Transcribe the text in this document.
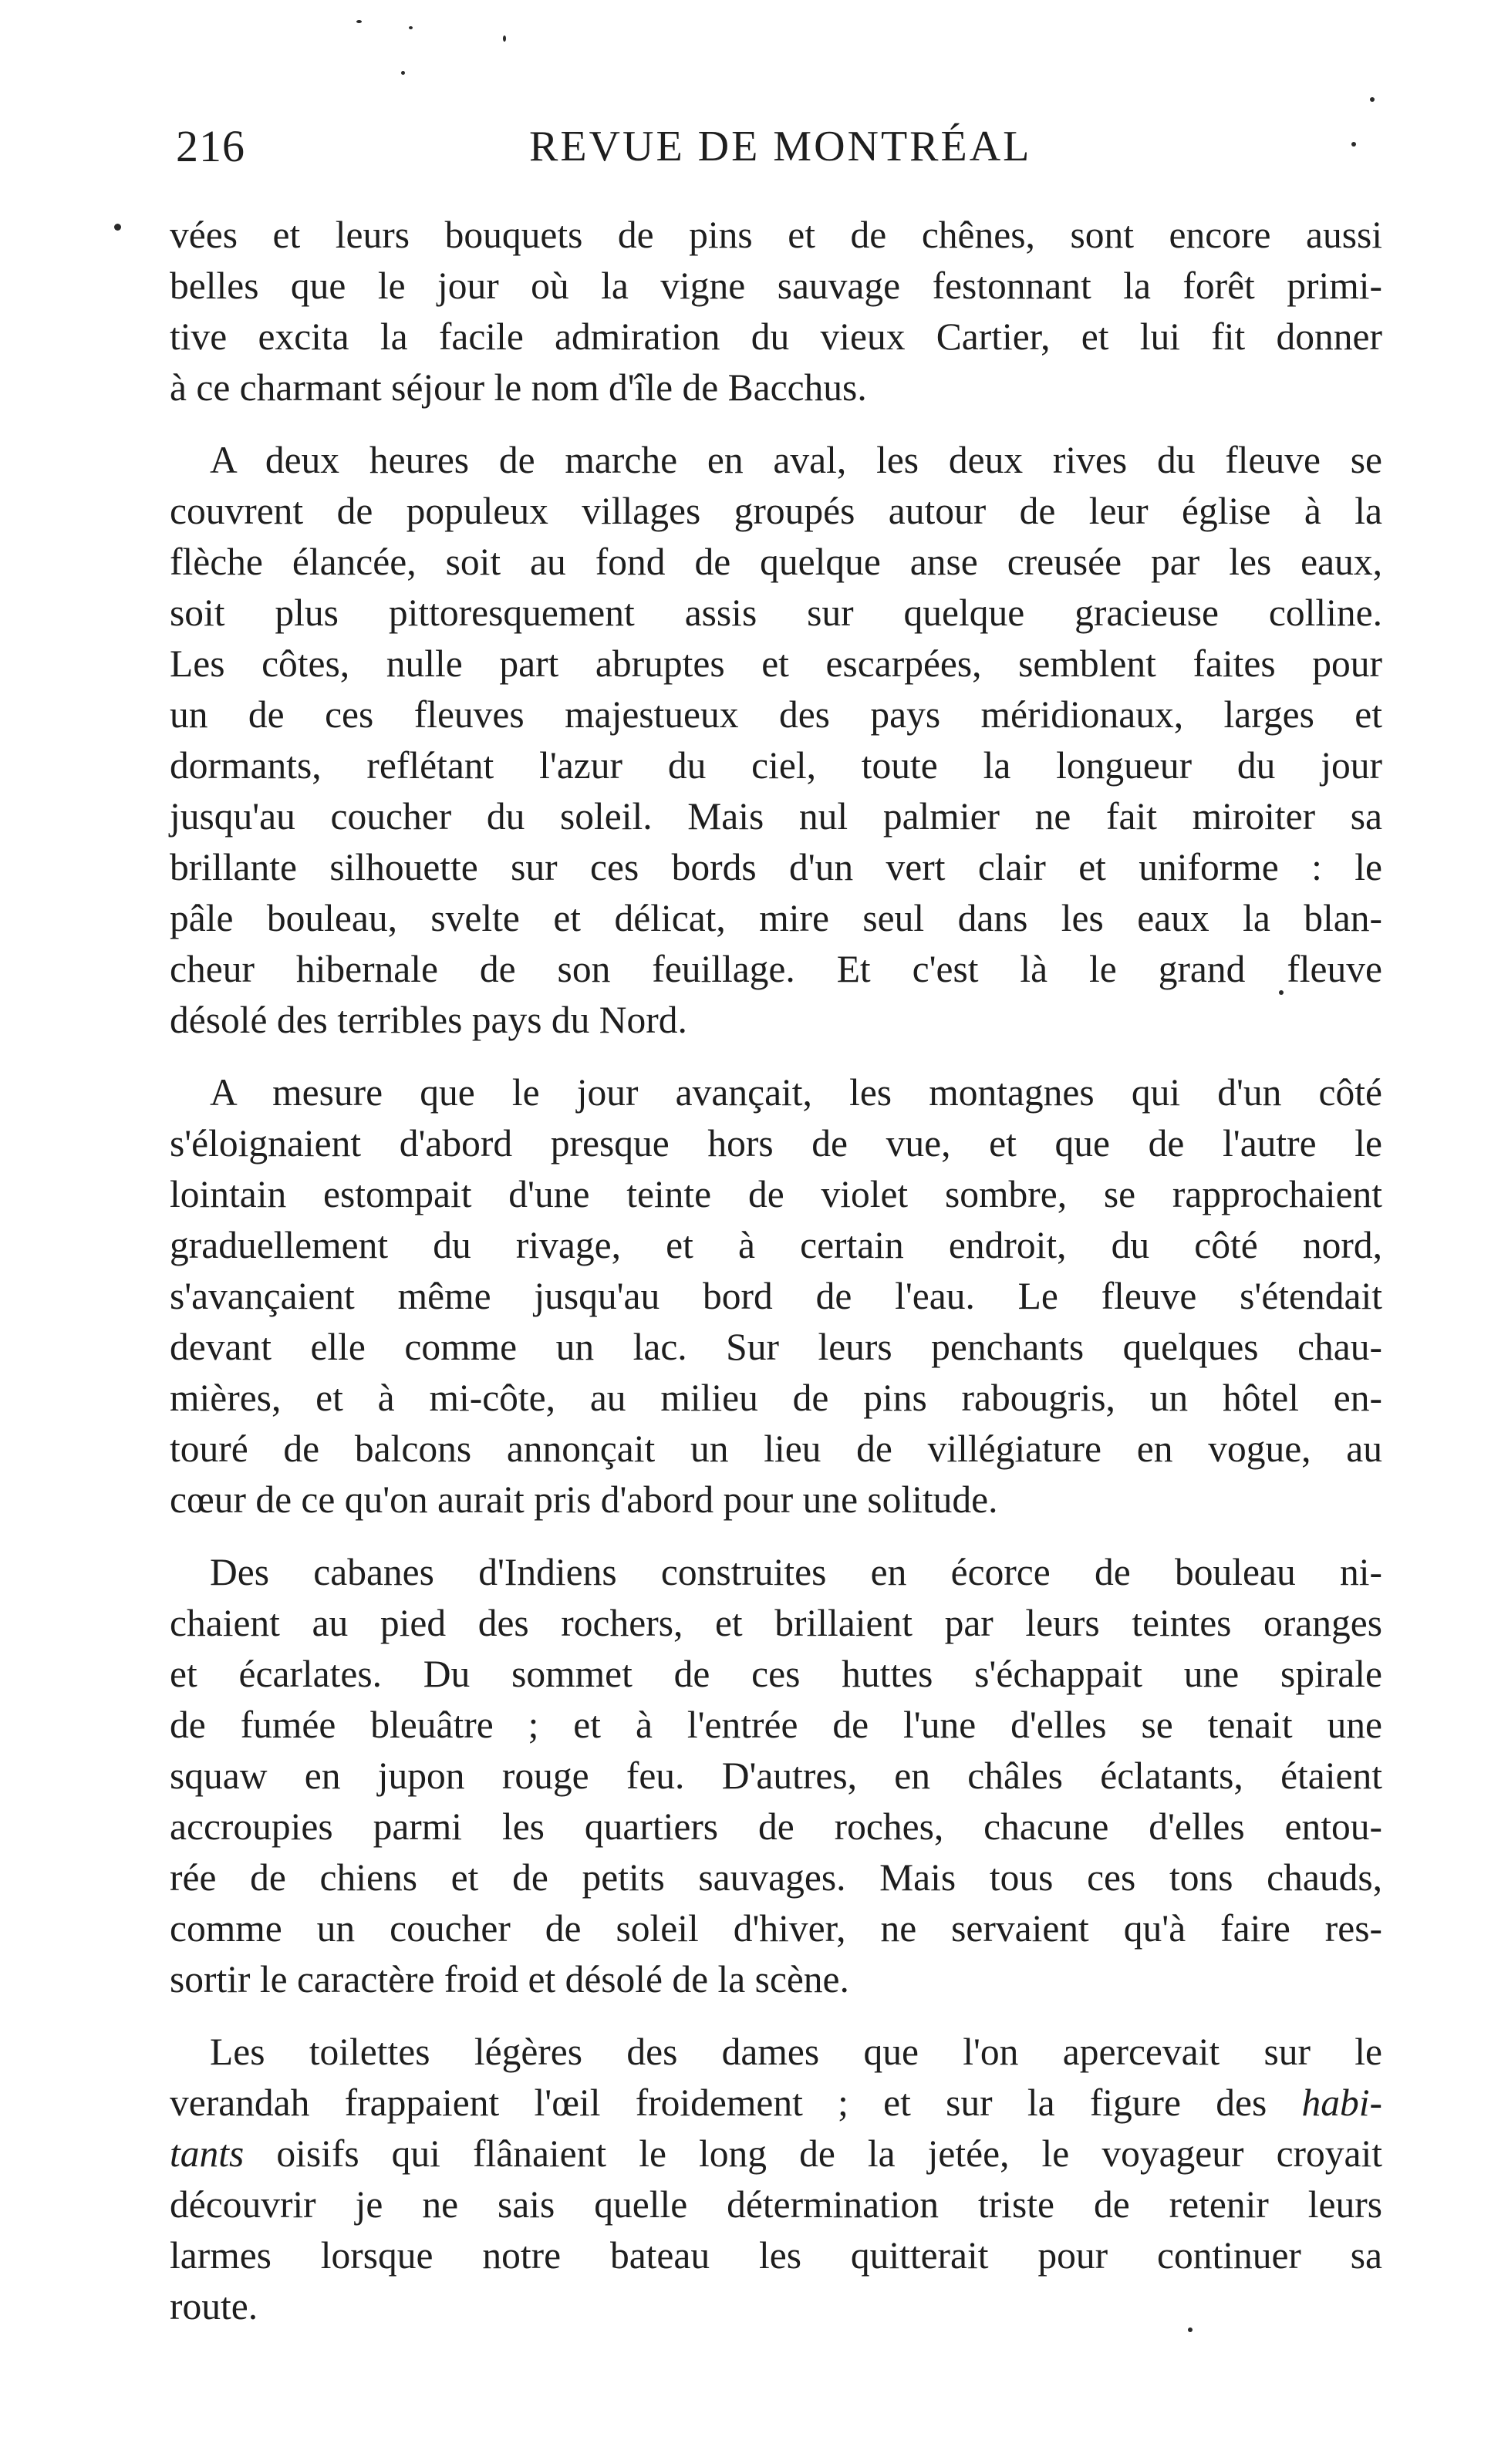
216	REVUE DE MONTRÉAL
vées et leurs bouquets de pins et de chênes, sont encore aussi
belles que le jour où la vigne sauvage festonnant la forêt primi-
tive excita la facile admiration du vieux Cartier, et lui fit donner
à ce charmant séjour le nom d'île de Bacchus.
A deux heures de marche en aval, les deux rives du fleuve se
couvrent de populeux villages groupés autour de leur église à la
flèche élancée, soit au fond de quelque anse creusée par les eaux,
soit plus pittoresquement assis sur quelque gracieuse colline.
Les côtes, nulle part abruptes et escarpées, semblent faites pour
un de ces fleuves majestueux des pays méridionaux, larges et
dormants, reflétant l'azur du ciel, toute la longueur du jour
jusqu'au coucher du soleil. Mais nul palmier ne fait miroiter sa
brillante silhouette sur ces bords d'un vert clair et uniforme : le
pâle bouleau, svelte et délicat, mire seul dans les eaux la blan-
cheur hibernale de son feuillage. Et c'est là le grand fleuve
désolé des terribles pays du Nord.
A mesure que le jour avançait, les montagnes qui d'un côté
s'éloignaient d'abord presque hors de vue, et que de l'autre le
lointain estompait d'une teinte de violet sombre, se rapprochaient
graduellement du rivage, et à certain endroit, du côté nord,
s'avançaient même jusqu'au bord de l'eau. Le fleuve s'étendait
devant elle comme un lac. Sur leurs penchants quelques chau-
mières, et à mi-côte, au milieu de pins rabougris, un hôtel en-
touré de balcons annonçait un lieu de villégiature en vogue, au
cœur de ce qu'on aurait pris d'abord pour une solitude.
Des cabanes d'Indiens construites en écorce de bouleau ni-
chaient au pied des rochers, et brillaient par leurs teintes oranges
et écarlates. Du sommet de ces huttes s'échappait une spirale
de fumée bleuâtre ; et à l'entrée de l'une d'elles se tenait une
squaw en jupon rouge feu. D'autres, en châles éclatants, étaient
accroupies parmi les quartiers de roches, chacune d'elles entou-
rée de chiens et de petits sauvages. Mais tous ces tons chauds,
comme un coucher de soleil d'hiver, ne servaient qu'à faire res-
sortir le caractère froid et désolé de la scène.
Les toilettes légères des dames que l'on apercevait sur le
verandah frappaient l'œil froidement ; et sur la figure des habi-
tants oisifs qui flânaient le long de la jetée, le voyageur croyait
découvrir je ne sais quelle détermination triste de retenir leurs
larmes lorsque notre bateau les quitterait pour continuer sa
route.
